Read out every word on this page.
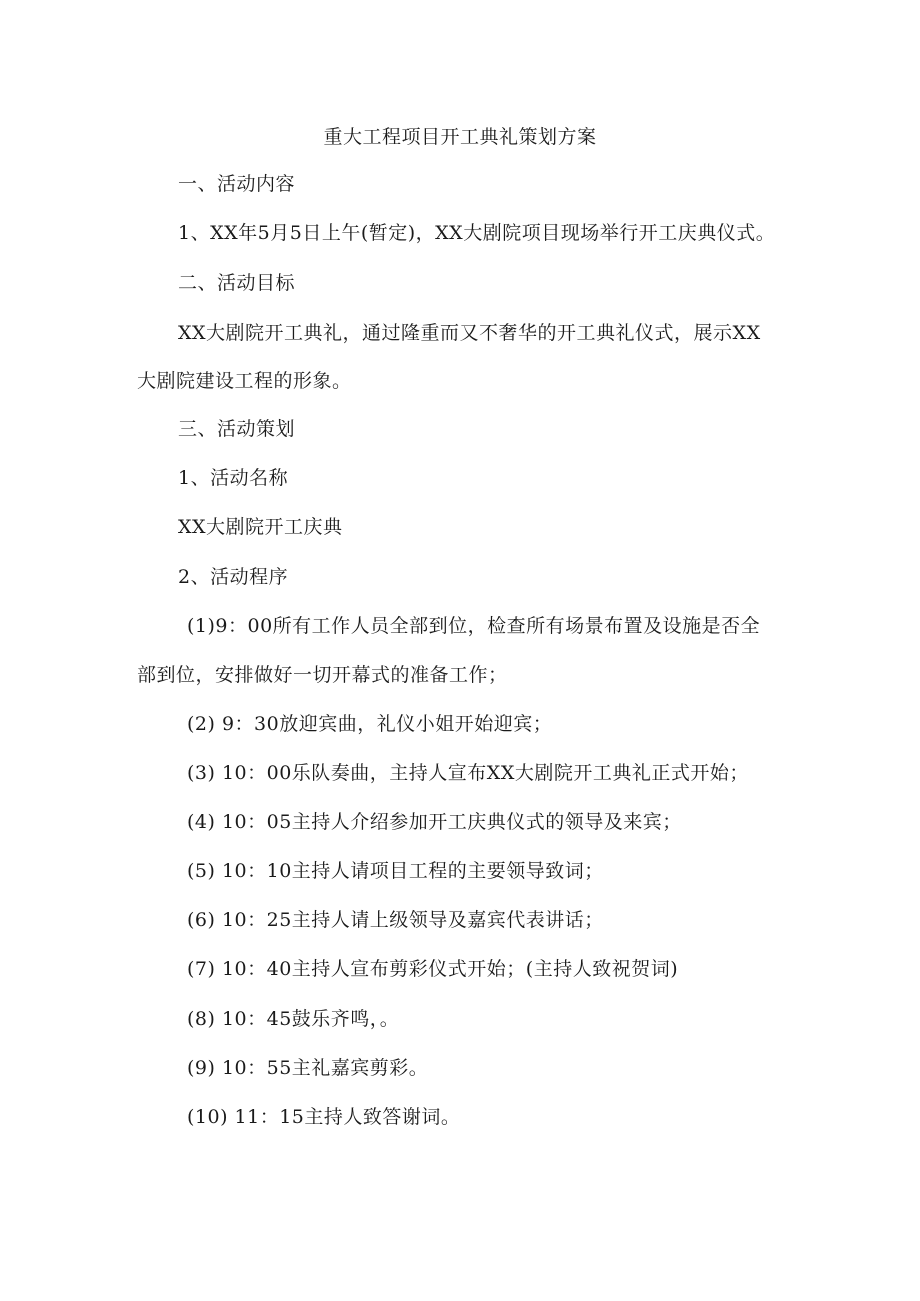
重大工程项目开工典礼策划方案
一、活动内容
1、XX年5月5日上午(暂定)，XX大剧院项目现场举行开工庆典仪式。
二、活动目标
XX大剧院开工典礼，通过隆重而又不奢华的开工典礼仪式，展示XX
大剧院建设工程的形象。
三、活动策划
1、活动名称
XX大剧院开工庆典
2、活动程序
(1)9：00所有工作人员全部到位，检查所有场景布置及设施是否全
部到位，安排做好一切开幕式的准备工作；
(2) 9：30放迎宾曲，礼仪小姐开始迎宾；
(3) 10：00乐队奏曲，主持人宣布XX大剧院开工典礼正式开始；
(4) 10：05主持人介绍参加开工庆典仪式的领导及来宾；
(5) 10：10主持人请项目工程的主要领导致词；
(6) 10：25主持人请上级领导及嘉宾代表讲话；
(7) 10：40主持人宣布剪彩仪式开始；(主持人致祝贺词)
(8) 10：45鼓乐齐鸣，。
(9) 10：55主礼嘉宾剪彩。
(10) 11：15主持人致答谢词。
